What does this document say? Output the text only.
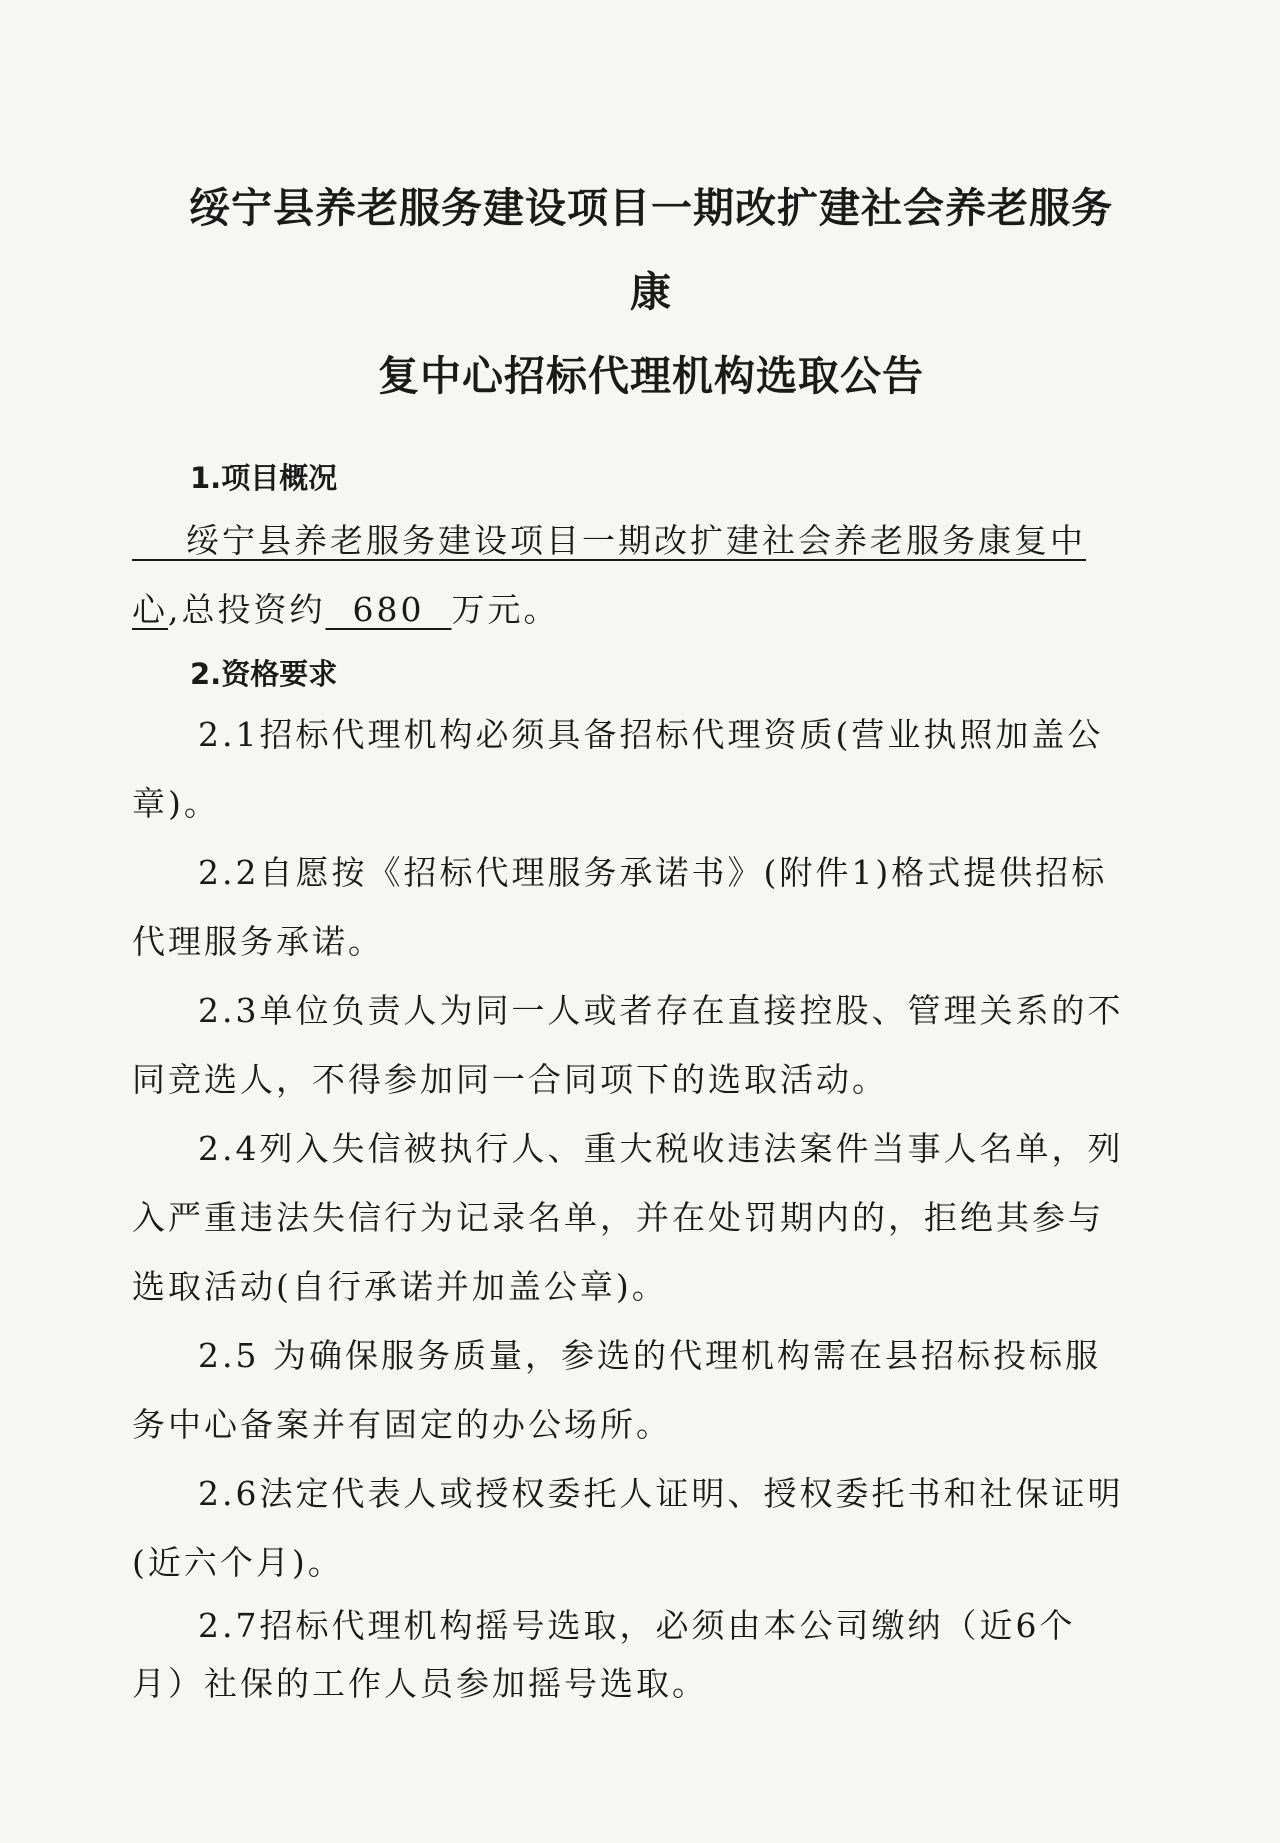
绥宁县养老服务建设项目一期改扩建社会养老服务康
复中心招标代理机构选取公告

1.项目概况

绥宁县养老服务建设项目一期改扩建社会养老服务康复中
心,总投资约 680 万元。

2.资格要求

2.1招标代理机构必须具备招标代理资质(营业执照加盖公章)。

2.2自愿按《招标代理服务承诺书》(附件1)格式提供招标代理服务承诺。

2.3单位负责人为同一人或者存在直接控股、管理关系的不同竞选人，不得参加同一合同项下的选取活动。

2.4列入失信被执行人、重大税收违法案件当事人名单，列入严重违法失信行为记录名单，并在处罚期内的，拒绝其参与选取活动(自行承诺并加盖公章)。

2.5 为确保服务质量，参选的代理机构需在县招标投标服务中心备案并有固定的办公场所。

2.6法定代表人或授权委托人证明、授权委托书和社保证明(近六个月)。

2.7招标代理机构摇号选取，必须由本公司缴纳（近6个月）社保的工作人员参加摇号选取。
